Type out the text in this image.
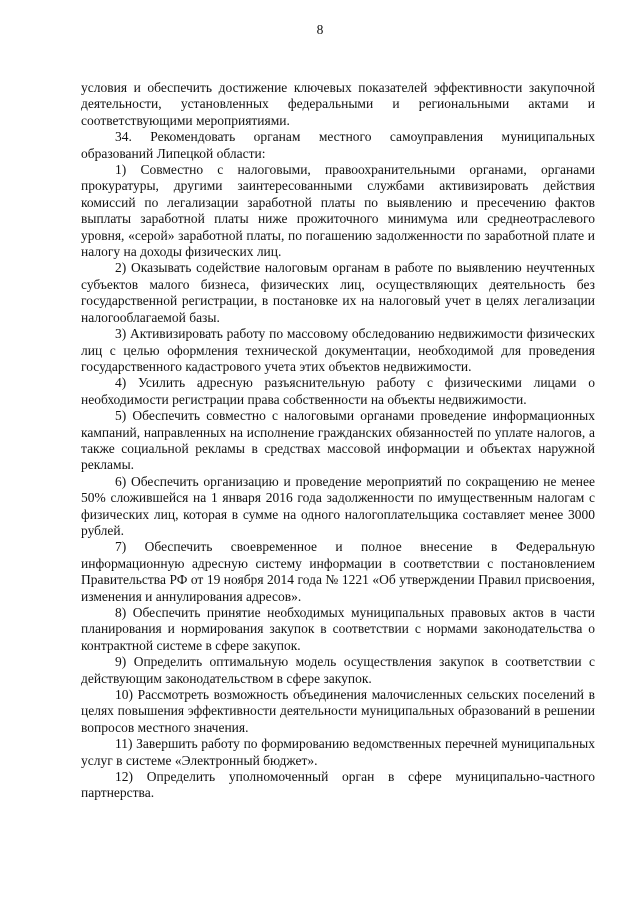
8

условия и обеспечить достижение ключевых показателей эффективности закупочной деятельности, установленных федеральными и региональными актами и соответствующими мероприятиями.

34. Рекомендовать органам местного самоуправления муниципальных образований Липецкой области:

1) Совместно с налоговыми, правоохранительными органами, органами прокуратуры, другими заинтересованными службами активизировать действия комиссий по легализации заработной платы по выявлению и пресечению фактов выплаты заработной платы ниже прожиточного минимума или среднеотраслевого уровня, «серой» заработной платы, по погашению задолженности по заработной плате и налогу на доходы физических лиц.

2) Оказывать содействие налоговым органам в работе по выявлению неучтенных субъектов малого бизнеса, физических лиц, осуществляющих деятельность без государственной регистрации, в постановке их на налоговый учет в целях легализации налогооблагаемой базы.

3) Активизировать работу по массовому обследованию недвижимости физических лиц с целью оформления технической документации, необходимой для проведения государственного кадастрового учета этих объектов недвижимости.

4) Усилить адресную разъяснительную работу с физическими лицами о необходимости регистрации права собственности на объекты недвижимости.

5) Обеспечить совместно с налоговыми органами проведение информационных кампаний, направленных на исполнение гражданских обязанностей по уплате налогов, а также социальной рекламы в средствах массовой информации и объектах наружной рекламы.

6) Обеспечить организацию и проведение мероприятий по сокращению не менее 50% сложившейся на 1 января 2016 года задолженности по имущественным налогам с физических лиц, которая в сумме на одного налогоплательщика составляет менее 3000 рублей.

7) Обеспечить своевременное и полное внесение в Федеральную информационную адресную систему информации в соответствии с постановлением Правительства РФ от 19 ноября 2014 года № 1221 «Об утверждении Правил присвоения, изменения и аннулирования адресов».

8) Обеспечить принятие необходимых муниципальных правовых актов в части планирования и нормирования закупок в соответствии с нормами законодательства о контрактной системе в сфере закупок.

9) Определить оптимальную модель осуществления закупок в соответствии с действующим законодательством в сфере закупок.

10) Рассмотреть возможность объединения малочисленных сельских поселений в целях повышения эффективности деятельности муниципальных образований в решении вопросов местного значения.

11) Завершить работу по формированию ведомственных перечней муниципальных услуг в системе «Электронный бюджет».

12) Определить уполномоченный орган в сфере муниципально-частного партнерства.
